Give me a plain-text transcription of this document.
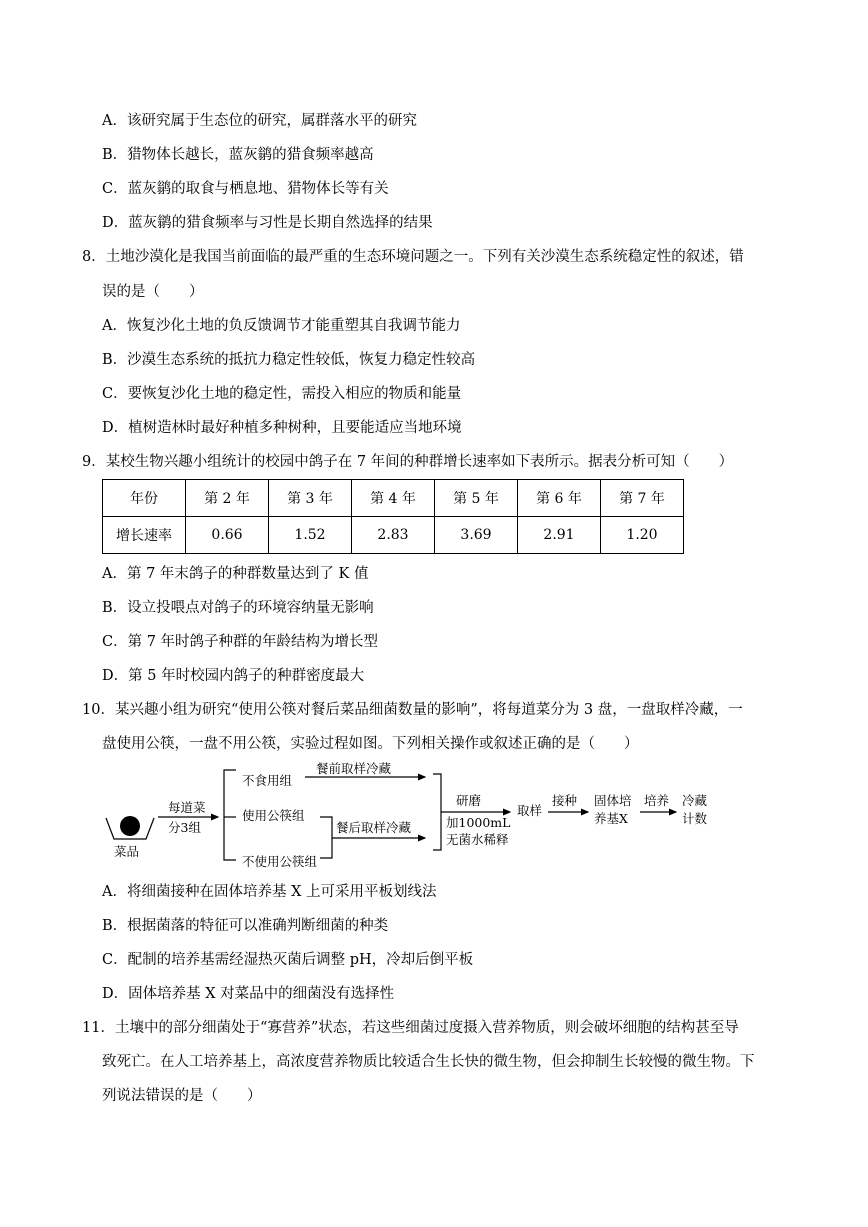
A．该研究属于生态位的研究，属群落水平的研究
B．猎物体长越长，蓝灰鹟的猎食频率越高
C．蓝灰鹟的取食与栖息地、猎物体长等有关
D．蓝灰鹟的猎食频率与习性是长期自然选择的结果
8．土地沙漠化是我国当前面临的最严重的生态环境问题之一。下列有关沙漠生态系统稳定性的叙述，错
误的是（　　）
A．恢复沙化土地的负反馈调节才能重塑其自我调节能力
B．沙漠生态系统的抵抗力稳定性较低，恢复力稳定性较高
C．要恢复沙化土地的稳定性，需投入相应的物质和能量
D．植树造林时最好种植多种树种，且要能适应当地环境
9．某校生物兴趣小组统计的校园中鸽子在 7 年间的种群增长速率如下表所示。据表分析可知（　　）
年份	第 2 年	第 3 年	第 4 年	第 5 年	第 6 年	第 7 年
增长速率	0.66	1.52	2.83	3.69	2.91	1.20
A．第 7 年末鸽子的种群数量达到了 K 值
B．设立投喂点对鸽子的环境容纳量无影响
C．第 7 年时鸽子种群的年龄结构为增长型
D．第 5 年时校园内鸽子的种群密度最大
10．某兴趣小组为研究“使用公筷对餐后菜品细菌数量的影响”，将每道菜分为 3 盘，一盘取样冷藏，一
盘使用公筷，一盘不用公筷，实验过程如图。下列相关操作或叙述正确的是（　　）
菜品
每道菜
分3组
不食用组
使用公筷组
不使用公筷组
餐前取样冷藏
餐后取样冷藏
研磨
加1000mL
无菌水稀释
取样
接种 固体培
养基X
培养 冷藏
计数
A．将细菌接种在固体培养基 X 上可采用平板划线法
B．根据菌落的特征可以准确判断细菌的种类
C．配制的培养基需经湿热灭菌后调整 pH，冷却后倒平板
D．固体培养基 X 对菜品中的细菌没有选择性
11．土壤中的部分细菌处于“寡营养”状态，若这些细菌过度摄入营养物质，则会破坏细胞的结构甚至导
致死亡。在人工培养基上，高浓度营养物质比较适合生长快的微生物，但会抑制生长较慢的微生物。下
列说法错误的是（　　）
